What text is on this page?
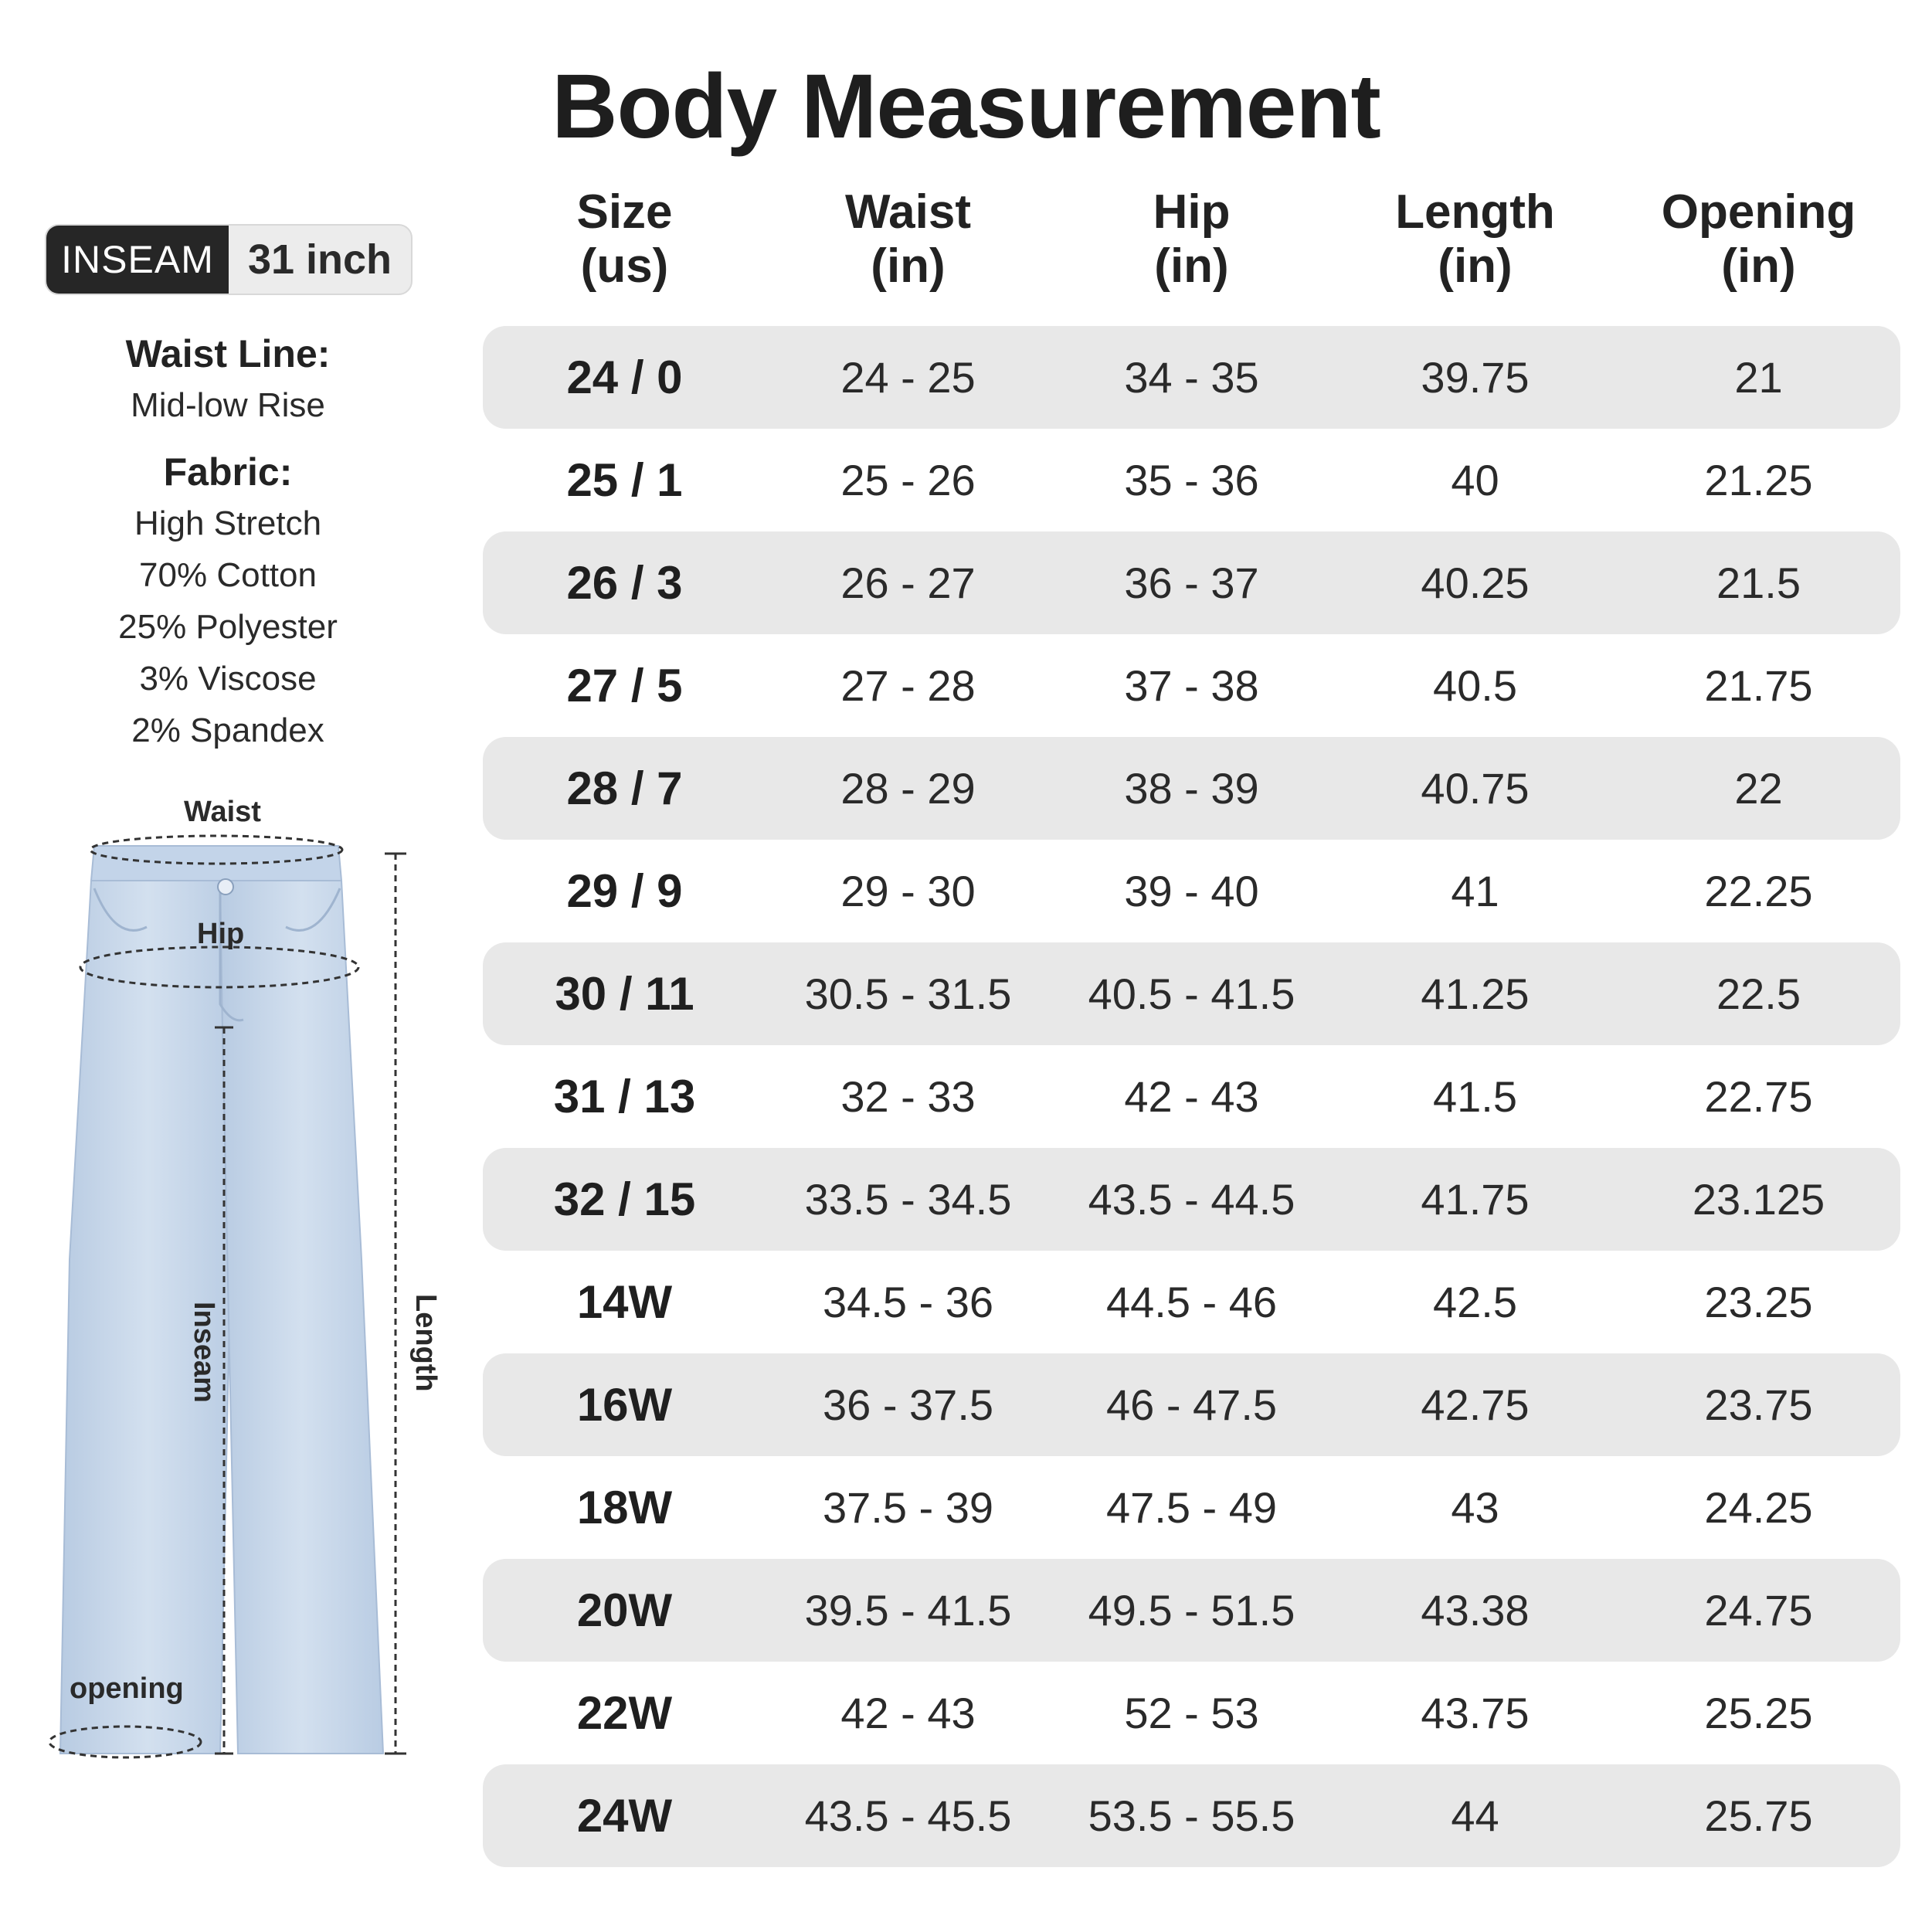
Body Measurement
INSEAM 31 inch
Waist Line:
Mid-low Rise
Fabric:
High Stretch
70% Cotton
25% Polyester
3% Viscose
2% Spandex
Waist
Hip
opening
Inseam	Length
Size
(us)
Waist
(in)
Hip
(in)
Length
(in)
Opening
(in)
24 / 0	24 - 25	34 - 35	39.75	21
25 / 1	25 - 26	35 - 36	40	21.25
26 / 3	26 - 27	36 - 37	40.25	21.5
27 / 5	27 - 28	37 - 38	40.5	21.75
28 / 7	28 - 29	38 - 39	40.75	22
29 / 9	29 - 30	39 - 40	41	22.25
30 / 11	30.5 - 31.5	40.5 - 41.5	41.25	22.5
31 / 13	32 - 33	42 - 43	41.5	22.75
32 / 15	33.5 - 34.5	43.5 - 44.5	41.75	23.125
14W	34.5 - 36	44.5 - 46	42.5	23.25
16W	36 - 37.5	46 - 47.5	42.75	23.75
18W	37.5 - 39	47.5 - 49	43	24.25
20W	39.5 - 41.5	49.5 - 51.5	43.38	24.75
22W	42 - 43	52 - 53	43.75	25.25
24W	43.5 - 45.5	53.5 - 55.5	44	25.75
